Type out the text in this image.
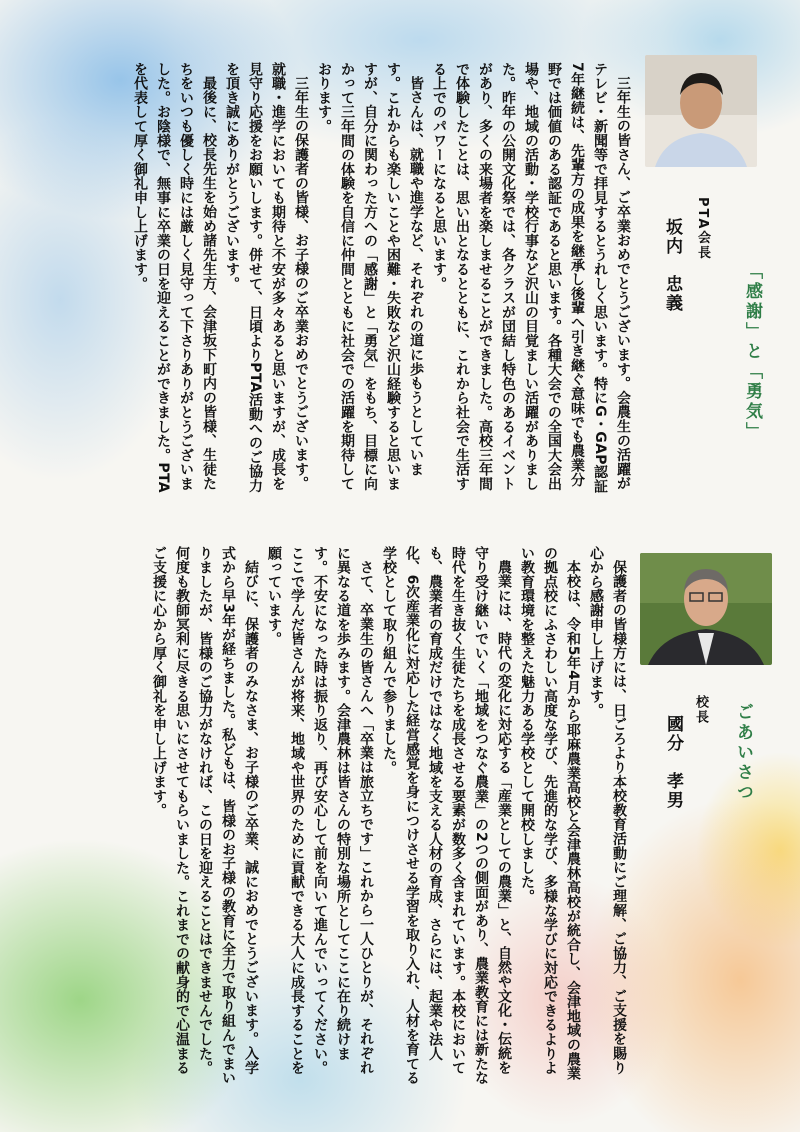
「感謝」と「勇気」
PTA会長
坂内　忠義

三年生の皆さん、ご卒業おめでとうございます。会農生の活躍がテレビ・新聞等で拝見するとうれしく思います。特にG・GAP認証7年継続は、先輩方の成果を継承し後輩へ引き継ぐ意味でも農業分野では価値のある認証であると思います。各種大会での全国大会出場や、地域の活動・学校行事など沢山の目覚ましい活躍がありました。昨年の公開文化祭では、各クラスが団結し特色のあるイベントがあり、多くの来場者を楽しませることができました。高校三年間で体験したことは、思い出となるとともに、これから社会で生活する上でのパワーになると思います。

皆さんは、就職や進学など、それぞれの道に歩もうとしています。これからも楽しいことや困難・失敗など沢山経験すると思いますが、自分に関わった方への「感謝」と「勇気」をもち、目標に向かって三年間の体験を自信に仲間とともに社会での活躍を期待しております。

三年生の保護者の皆様、お子様のご卒業おめでとうございます。就職・進学においても期待と不安が多々あると思いますが、成長を見守り応援をお願いします。併せて、日頃よりPTA活動へのご協力を頂き誠にありがとうございます。

最後に、校長先生を始め諸先生方、会津坂下町内の皆様、生徒たちをいつも優しく時には厳しく見守って下さりありがとうございました。お陰様で、無事に卒業の日を迎えることができました。PTAを代表して厚く御礼申し上げます。

ごあいさつ
校長
國分　孝男

保護者の皆様方には、日ごろより本校教育活動にご理解、ご協力、ご支援を賜り心から感謝申し上げます。

本校は、令和5年4月から耶麻農業高校と会津農林高校が統合し、会津地域の農業の拠点校にふさわしい高度な学び、先進的な学び、多様な学びに対応できるよりよい教育環境を整えた魅力ある学校として開校しました。

農業には、時代の変化に対応する「産業としての農業」と、自然や文化・伝統を守り受け継いでいく「地域をつなぐ農業」の2つの側面があり、農業教育には新たな時代を生き抜く生徒たちを成長させる要素が数多く含まれています。本校においても、農業者の育成だけではなく地域を支える人材の育成、さらには、起業や法人化、6次産業化に対応した経営感覚を身につけさせる学習を取り入れ、人材を育てる学校として取り組んで参りました。

さて、卒業生の皆さんへ「卒業は旅立ちです」これから一人ひとりが、それぞれに異なる道を歩みます。会津農林は皆さんの特別な場所としてここに在り続けます。不安になった時は振り返り、再び安心して前を向いて進んでいってください。ここで学んだ皆さんが将来、地域や世界のために貢献できる大人に成長することを願っています。

結びに、保護者のみなさま、お子様のご卒業、誠におめでとうございます。入学式から早3年が経ちました。私どもは、皆様のお子様の教育に全力で取り組んでまいりましたが、皆様のご協力がなければ、この日を迎えることはできませんでした。何度も教師冥利に尽きる思いにさせてもらいました。これまでの献身的で心温まるご支援に心から厚く御礼を申し上げます。
